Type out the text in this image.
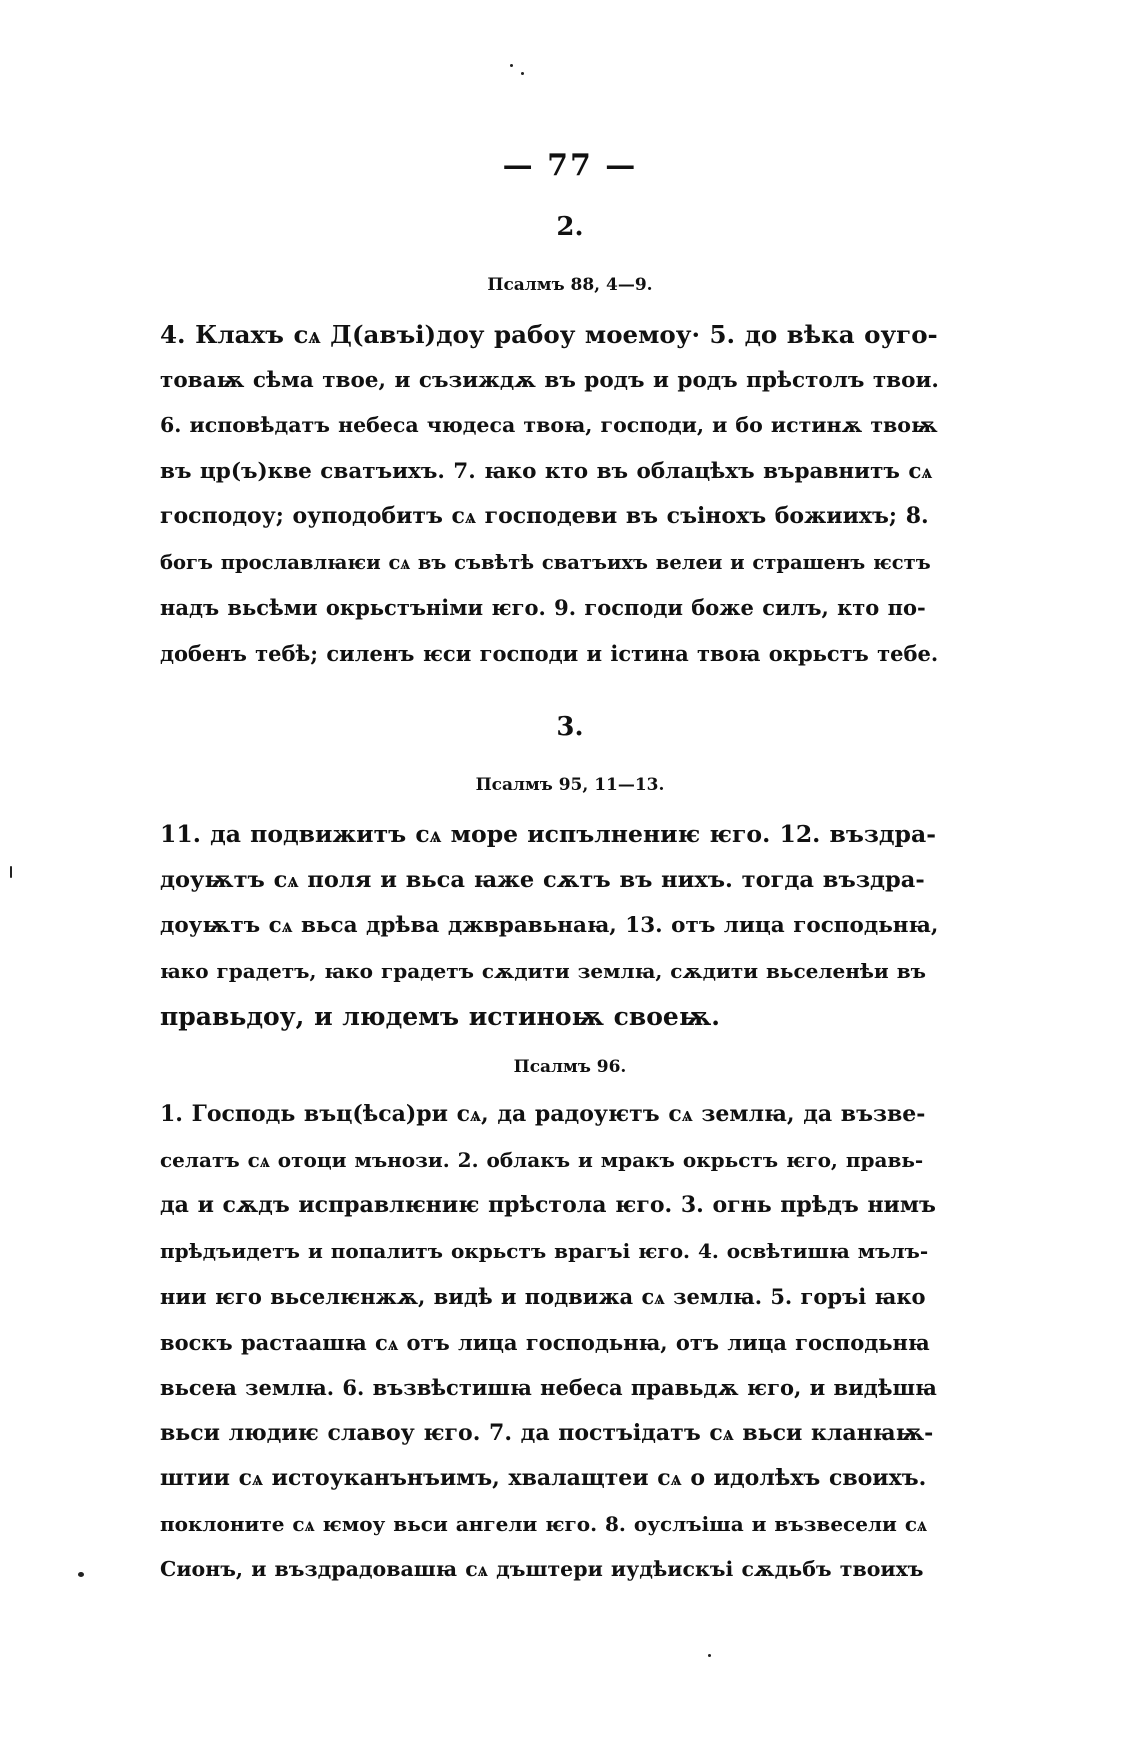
— 77 —
2.
Псалмъ 88, 4—9.
4. Клахъ сѧ Д(авъі)доу рабоу моемоу· 5. до вѣка оуго-
товаѭ сѣма твое, и съзиждѫ въ родъ и родъ прѣстолъ твои.
6. исповѣдатъ небеса чюдеса твоꙗ, господи, и бо истинѫ твоѭ
въ цр(ъ)кве сватъихъ. 7. ꙗко кто въ облацѣхъ въравнитъ сѧ
господоу; оуподобитъ сѧ господеви въ съіноxъ божиихъ; 8.
богъ прославлꙗѥи сѧ въ съвѣтѣ сватъихъ велеи и страшенъ ѥстъ
надъ вьсѣми окрьстънiми ѥго. 9. господи боже силъ, кто по-
добенъ тебѣ; силенъ ѥси господи и істина твоꙗ окрьстъ тебе.
3.
Псалмъ 95, 11—13.
11. да подвижитъ сѧ море испълнениѥ ѥго. 12. въздра-
доуѭтъ сѧ поля и вьса ꙗже сѫтъ въ нихъ. тогда въздра-
доуѭтъ сѧ вьса дрѣва джвравьнаꙗ, 13. отъ лица господьнꙗ,
ꙗко градетъ, ꙗко градетъ сѫдити землꙗ, сѫдити вьселенѣи въ
правьдоу, и людемъ истиноѭ своеѭ.
Псалмъ 96.
1. Господь въц(ѣса)ри сѧ, да радоуѥтъ сѧ землꙗ, да възве-
селатъ сѧ отоци мънози. 2. облакъ и мракъ окрьстъ ѥго, правь-
да и сѫдъ исправлѥниѥ прѣстола ѥго. 3. огнь прѣдъ нимъ
прѣдъидетъ и попалитъ окрьстъ врагъі ѥго. 4. освѣтишꙗ мълъ-
нии ѥго вьселѥнжѫ, видѣ и подвижа сѧ землꙗ. 5. горъі ꙗко
воскъ растаашꙗ сѧ отъ лица господьнꙗ, отъ лица господьнꙗ
вьсеꙗ землꙗ. 6. възвѣстишꙗ небеса правьдѫ ѥго, и видѣшꙗ
вьси людиѥ славоу ѥго. 7. да постъідатъ сѧ вьси кланꙗѭ-
штии сѧ истоуканънъимъ, хвалащтеи сѧ о идолѣхъ своихъ.
поклоните сѧ ѥмоу вьси ангели ѥго. 8. оуслъіша и възвесели сѧ
Сионъ, и въздрадовашꙗ сѧ дъштери иудѣискъі сѫдьбъ твоихъ
